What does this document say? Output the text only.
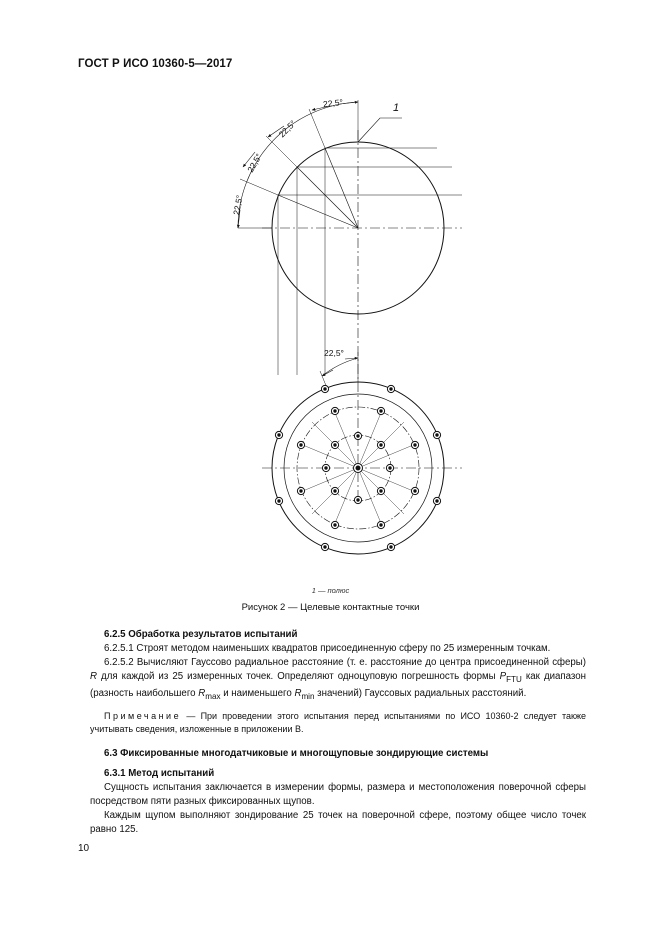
ГОСТ Р ИСО 10360-5—2017
22,5°
22,5°
22,5°
22,5°
1
22,5°
1 — полюс
Рисунок 2 — Целевые контактные точки

6.2.5 Обработка результатов испытаний

6.2.5.1 Строят методом наименьших квадратов присоединенную сферу по 25 измеренным точкам.

6.2.5.2 Вычисляют Гауссово радиальное расстояние (т. е. расстояние до центра присоединенной сферы) R для каждой из 25 измеренных точек. Определяют одноцуповую погрешность формы $P_{FTU}$ как диапазон (разность наибольшего $R_{max}$ и наименьшего $R_{min}$ значений) Гауссовых радиальных расстояний.

Примечание — При проведении этого испытания перед испытаниями по ИСО 10360-2 следует также учитывать сведения, изложенные в приложении В.

6.3 Фиксированные многодатчиковые и многощуповые зондирующие системы

6.3.1 Метод испытаний

Сущность испытания заключается в измерении формы, размера и местоположения поверочной сферы посредством пяти разных фиксированных щупов.

Каждым щупом выполняют зондирование 25 точек на поверочной сфере, поэтому общее число точек равно 125.

10
